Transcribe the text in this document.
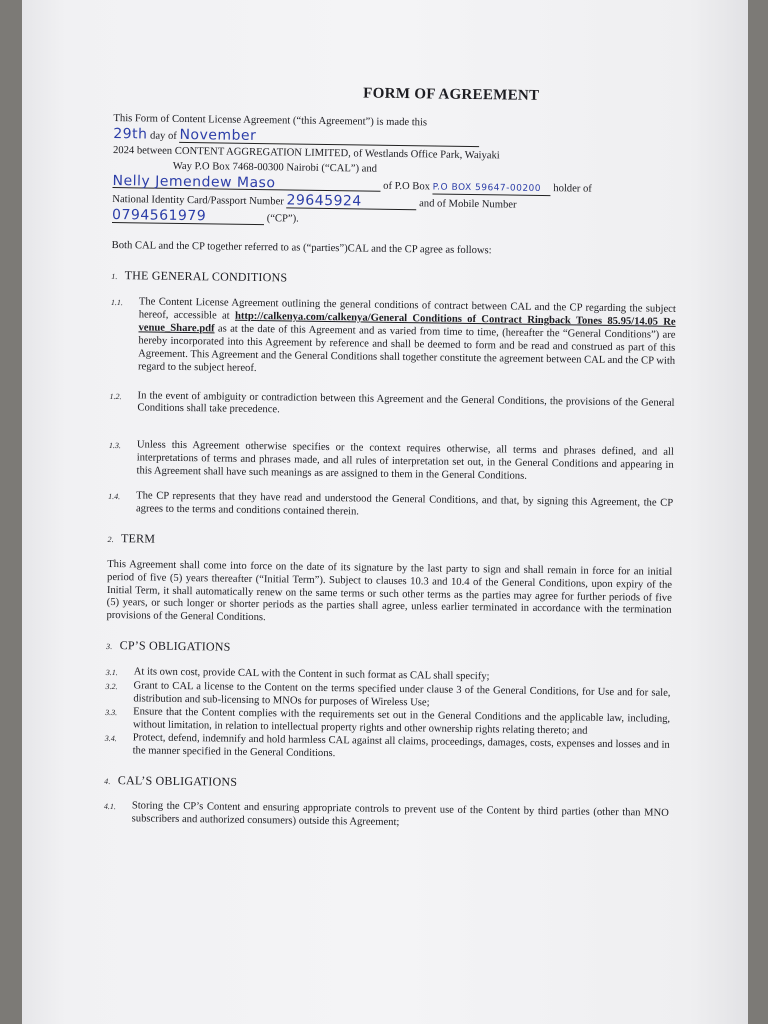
FORM OF AGREEMENT

This Form of Content License Agreement (“this Agreement”) is made this

29th day of November

2024 between CONTENT AGGREGATION LIMITED, of Westlands Office Park, Waiyaki

Way P.O Box 7468-00300 Nairobi (“CAL”) and

Nelly Jemendew Maso	of P.O Box P.O BOX 59647-00200 holder of

National Identity Card/Passport Number 29645924	and of Mobile Number

0794561979	(“CP”).

Both CAL and the CP together referred to as (“parties”)CAL and the CP agree as follows:

1. THE GENERAL CONDITIONS
1.1.	The Content License Agreement outlining the general conditions of contract between CAL and the CP regarding the subject hereof, accessible at http://calkenya.com/calkenya/General Conditions of Contract Ringback Tones 85.95/14.05 Re venue_Share.pdf as at the date of this Agreement and as varied from time to time, (hereafter the “General Conditions”) are hereby incorporated into this Agreement by reference and shall be deemed to form and be read and construed as part of this Agreement. This Agreement and the General Conditions shall together constitute the agreement between CAL and the CP with regard to the subject hereof.
1.2.	In the event of ambiguity or contradiction between this Agreement and the General Conditions, the provisions of the General Conditions shall take precedence.
1.3.	Unless this Agreement otherwise specifies or the context requires otherwise, all terms and phrases defined, and all interpretations of terms and phrases made, and all rules of interpretation set out, in the General Conditions and appearing in this Agreement shall have such meanings as are assigned to them in the General Conditions.
1.4.	The CP represents that they have read and understood the General Conditions, and that, by signing this Agreement, the CP agrees to the terms and conditions contained therein.
2. TERM

This Agreement shall come into force on the date of its signature by the last party to sign and shall remain in force for an initial period of five (5) years thereafter (“Initial Term”). Subject to clauses 10.3 and 10.4 of the General Conditions, upon expiry of the Initial Term, it shall automatically renew on the same terms or such other terms as the parties may agree for further periods of five (5) years, or such longer or shorter periods as the parties shall agree, unless earlier terminated in accordance with the termination provisions of the General Conditions.

3. CP’S OBLIGATIONS
3.1.	At its own cost, provide CAL with the Content in such format as CAL shall specify;
3.2.	Grant to CAL a license to the Content on the terms specified under clause 3 of the General Conditions, for Use and for sale, distribution and sub-licensing to MNOs for purposes of Wireless Use;
3.3.	Ensure that the Content complies with the requirements set out in the General Conditions and the applicable law, including, without limitation, in relation to intellectual property rights and other ownership rights relating thereto; and
3.4.	Protect, defend, indemnify and hold harmless CAL against all claims, proceedings, damages, costs, expenses and losses and in the manner specified in the General Conditions.
4. CAL’S OBLIGATIONS
4.1.	Storing the CP’s Content and ensuring appropriate controls to prevent use of the Content by third parties (other than MNO subscribers and authorized consumers) outside this Agreement;
